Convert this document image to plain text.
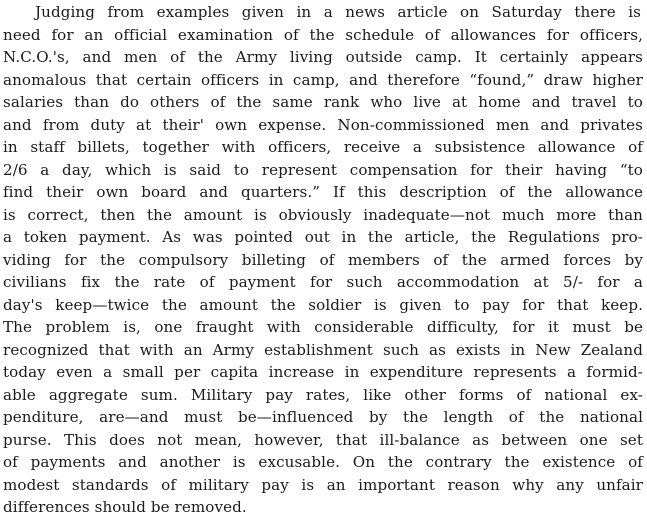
Judging from examples given in a news article on Saturday there is
need for an official examination of the schedule of allowances for officers,
N.C.O.'s, and men of the Army living outside camp. It certainly appears
anomalous that certain officers in camp, and therefore “found,” draw higher
salaries than do others of the same rank who live at home and travel to
and from duty at their' own expense. Non-commissioned men and privates
in staff billets, together with officers, receive a subsistence allowance of
2/6 a day, which is said to represent compensation for their having “to
find their own board and quarters.” If this description of the allowance
is correct, then the amount is obviously inadequate—not much more than
a token payment. As was pointed out in the article, the Regulations pro-
viding for the compulsory billeting of members of the armed forces by
civilians fix the rate of payment for such accommodation at 5/- for a
day's keep—twice the amount the soldier is given to pay for that keep.
The problem is, one fraught with considerable difficulty, for it must be
recognized that with an Army establishment such as exists in New Zealand
today even a small per capita increase in expenditure represents a formid-
able aggregate sum. Military pay rates, like other forms of national ex-
penditure, are—and must be—influenced by the length of the national
purse. This does not mean, however, that ill-balance as between one set
of payments and another is excusable. On the contrary the existence of
modest standards of military pay is an important reason why any unfair
differences should be removed.
